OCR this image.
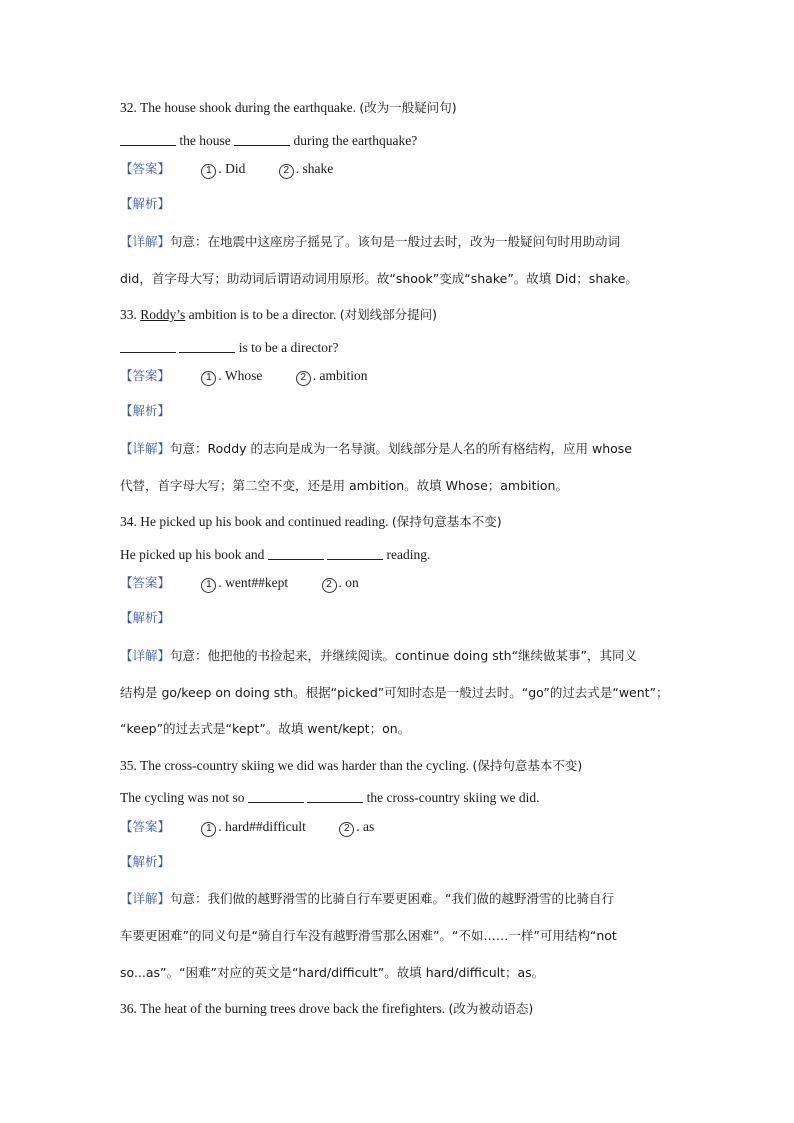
32. The house shook during the earthquake. (改为一般疑问句)
the house	during the earthquake?
【答案】	1 . Did	2 . shake
【解析】
【详解】句意：在地震中这座房子摇晃了。该句是一般过去时，改为一般疑问句时用助动词
did，首字母大写；助动词后谓语动词用原形。故“shook”变成“shake”。故填 Did；shake。
33. Roddy’s ambition is to be a director. (对划线部分提问)
is to be a director?
【答案】	1 . Whose	2 . ambition
【解析】
【详解】句意：Roddy 的志向是成为一名导演。划线部分是人名的所有格结构，应用 whose
代替，首字母大写；第二空不变，还是用 ambition。故填 Whose；ambition。
34. He picked up his book and continued reading. (保持句意基本不变)
He picked up his book and	reading.
【答案】	1 . went##kept	2 . on
【解析】
【详解】句意：他把他的书捡起来，并继续阅读。continue doing sth“继续做某事”，其同义
结构是 go/keep on doing sth。根据“picked”可知时态是一般过去时。“go”的过去式是“went”；
“keep”的过去式是“kept”。故填 went/kept；on。
35. The cross-country skiing we did was harder than the cycling. (保持句意基本不变)
The cycling was not so	the cross-country skiing we did.
【答案】	1 . hard##difficult	2 . as
【解析】
【详解】句意：我们做的越野滑雪的比骑自行车要更困难。“我们做的越野滑雪的比骑自行
车要更困难”的同义句是“骑自行车没有越野滑雪那么困难”。“不如……一样”可用结构“not
so...as”。“困难”对应的英文是“hard/difficult”。故填 hard/difficult；as。
36. The heat of the burning trees drove back the firefighters. (改为被动语态)
